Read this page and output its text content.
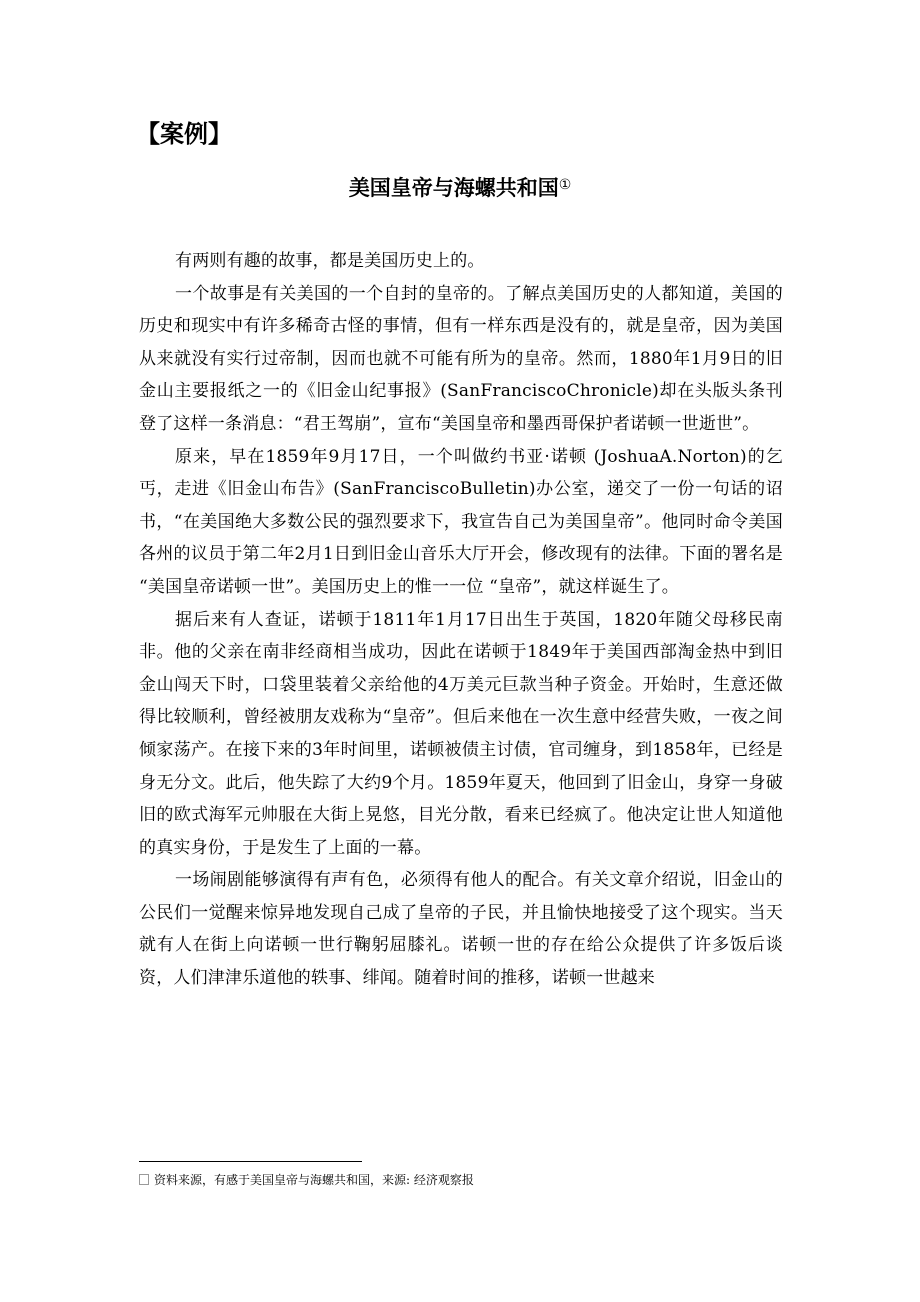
【案例】
美国皇帝与海螺共和国①

有两则有趣的故事，都是美国历史上的。

一个故事是有关美国的一个自封的皇帝的。了解点美国历史的人都知道，美国的历史和现实中有许多稀奇古怪的事情，但有一样东西是没有的，就是皇帝，因为美国从来就没有实行过帝制，因而也就不可能有所为的皇帝。然而，1880年1月9日的旧金山主要报纸之一的《旧金山纪事报》(SanFranciscoChronicle)却在头版头条刊登了这样一条消息：“君王驾崩”，宣布“美国皇帝和墨西哥保护者诺顿一世逝世”。

原来，早在1859年9月17日，一个叫做约书亚·诺顿 (JoshuaA.Norton)的乞丐，走进《旧金山布告》(SanFranciscoBulletin)办公室，递交了一份一句话的诏书，“在美国绝大多数公民的强烈要求下，我宣告自己为美国皇帝”。他同时命令美国各州的议员于第二年2月1日到旧金山音乐大厅开会，修改现有的法律。下面的署名是 “美国皇帝诺顿一世”。美国历史上的惟一一位 “皇帝”，就这样诞生了。

据后来有人查证，诺顿于1811年1月17日出生于英国，1820年随父母移民南非。他的父亲在南非经商相当成功，因此在诺顿于1849年于美国西部淘金热中到旧金山闯天下时，口袋里装着父亲给他的4万美元巨款当种子资金。开始时，生意还做得比较顺利，曾经被朋友戏称为“皇帝”。但后来他在一次生意中经营失败，一夜之间倾家荡产。在接下来的3年时间里，诺顿被债主讨债，官司缠身，到1858年，已经是身无分文。此后，他失踪了大约9个月。1859年夏天，他回到了旧金山，身穿一身破旧的欧式海军元帅服在大街上晃悠，目光分散，看来已经疯了。他决定让世人知道他的真实身份，于是发生了上面的一幕。

一场闹剧能够演得有声有色，必须得有他人的配合。有关文章介绍说，旧金山的公民们一觉醒来惊异地发现自己成了皇帝的子民，并且愉快地接受了这个现实。当天就有人在街上向诺顿一世行鞠躬屈膝礼。诺顿一世的存在给公众提供了许多饭后谈资，人们津津乐道他的轶事、绯闻。随着时间的推移，诺顿一世越来

资料来源，有感于美国皇帝与海螺共和国，来源: 经济观察报
